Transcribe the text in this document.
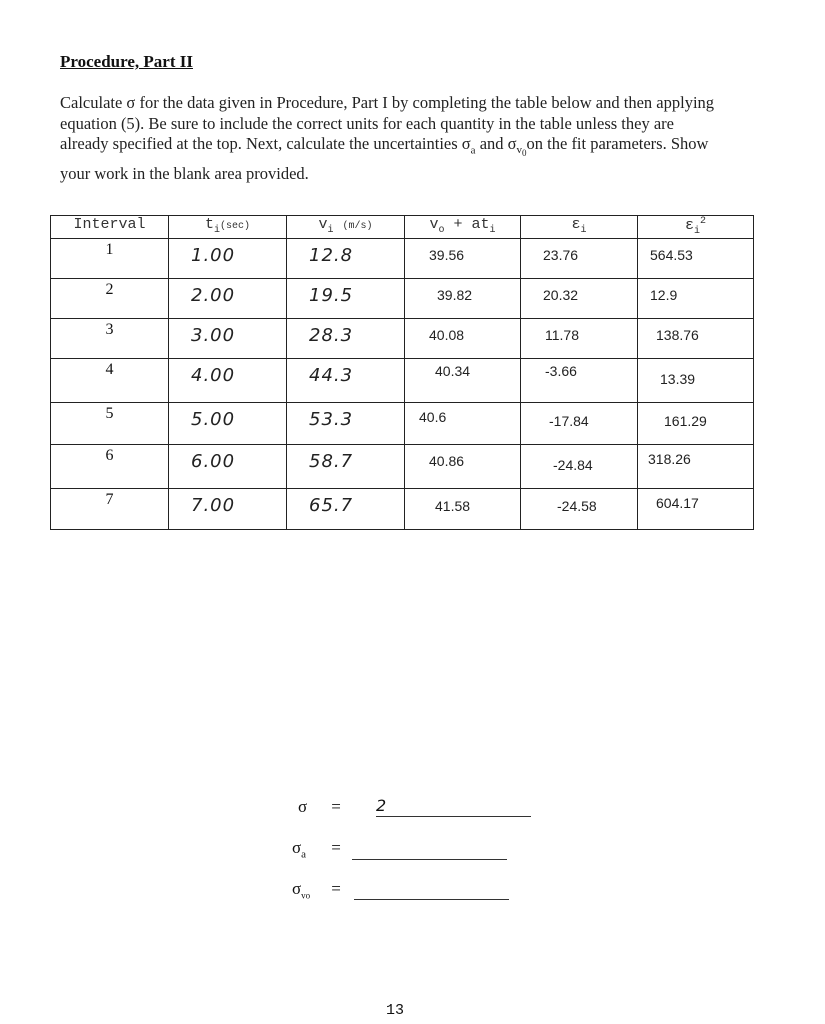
Procedure, Part II
Calculate σ for the data given in Procedure, Part I by completing the table below and then applying
equation (5). Be sure to include the correct units for each quantity in the table unless they are
already specified at the top. Next, calculate the uncertainties $\sigma_a$ and $\sigma_{v_0}on$ the fit parameters. Show
your work in the blank area provided.
Interval	$t_i(\sec)$	$v_i$ (m/s)	$v_o + at_i$	$\varepsilon_i$	$\varepsilon_i^2$
1	1.00	12.8	39.56	23.76	564.53
2	2.00	19.5	39.82	20.32	12.9
3	3.00	28.3	40.08	11.78	138.76
4	4.00	44.3	40.34	-3.66	13.39
5	5.00	53.3	40.6	-17.84	161.29
6	6.00	58.7	40.86	-24.84	318.26
7	7.00	65.7	41.58	-24.58	604.17
σ = 2
$\sigma_a$ =
$\sigma_{vo}$ =
13
